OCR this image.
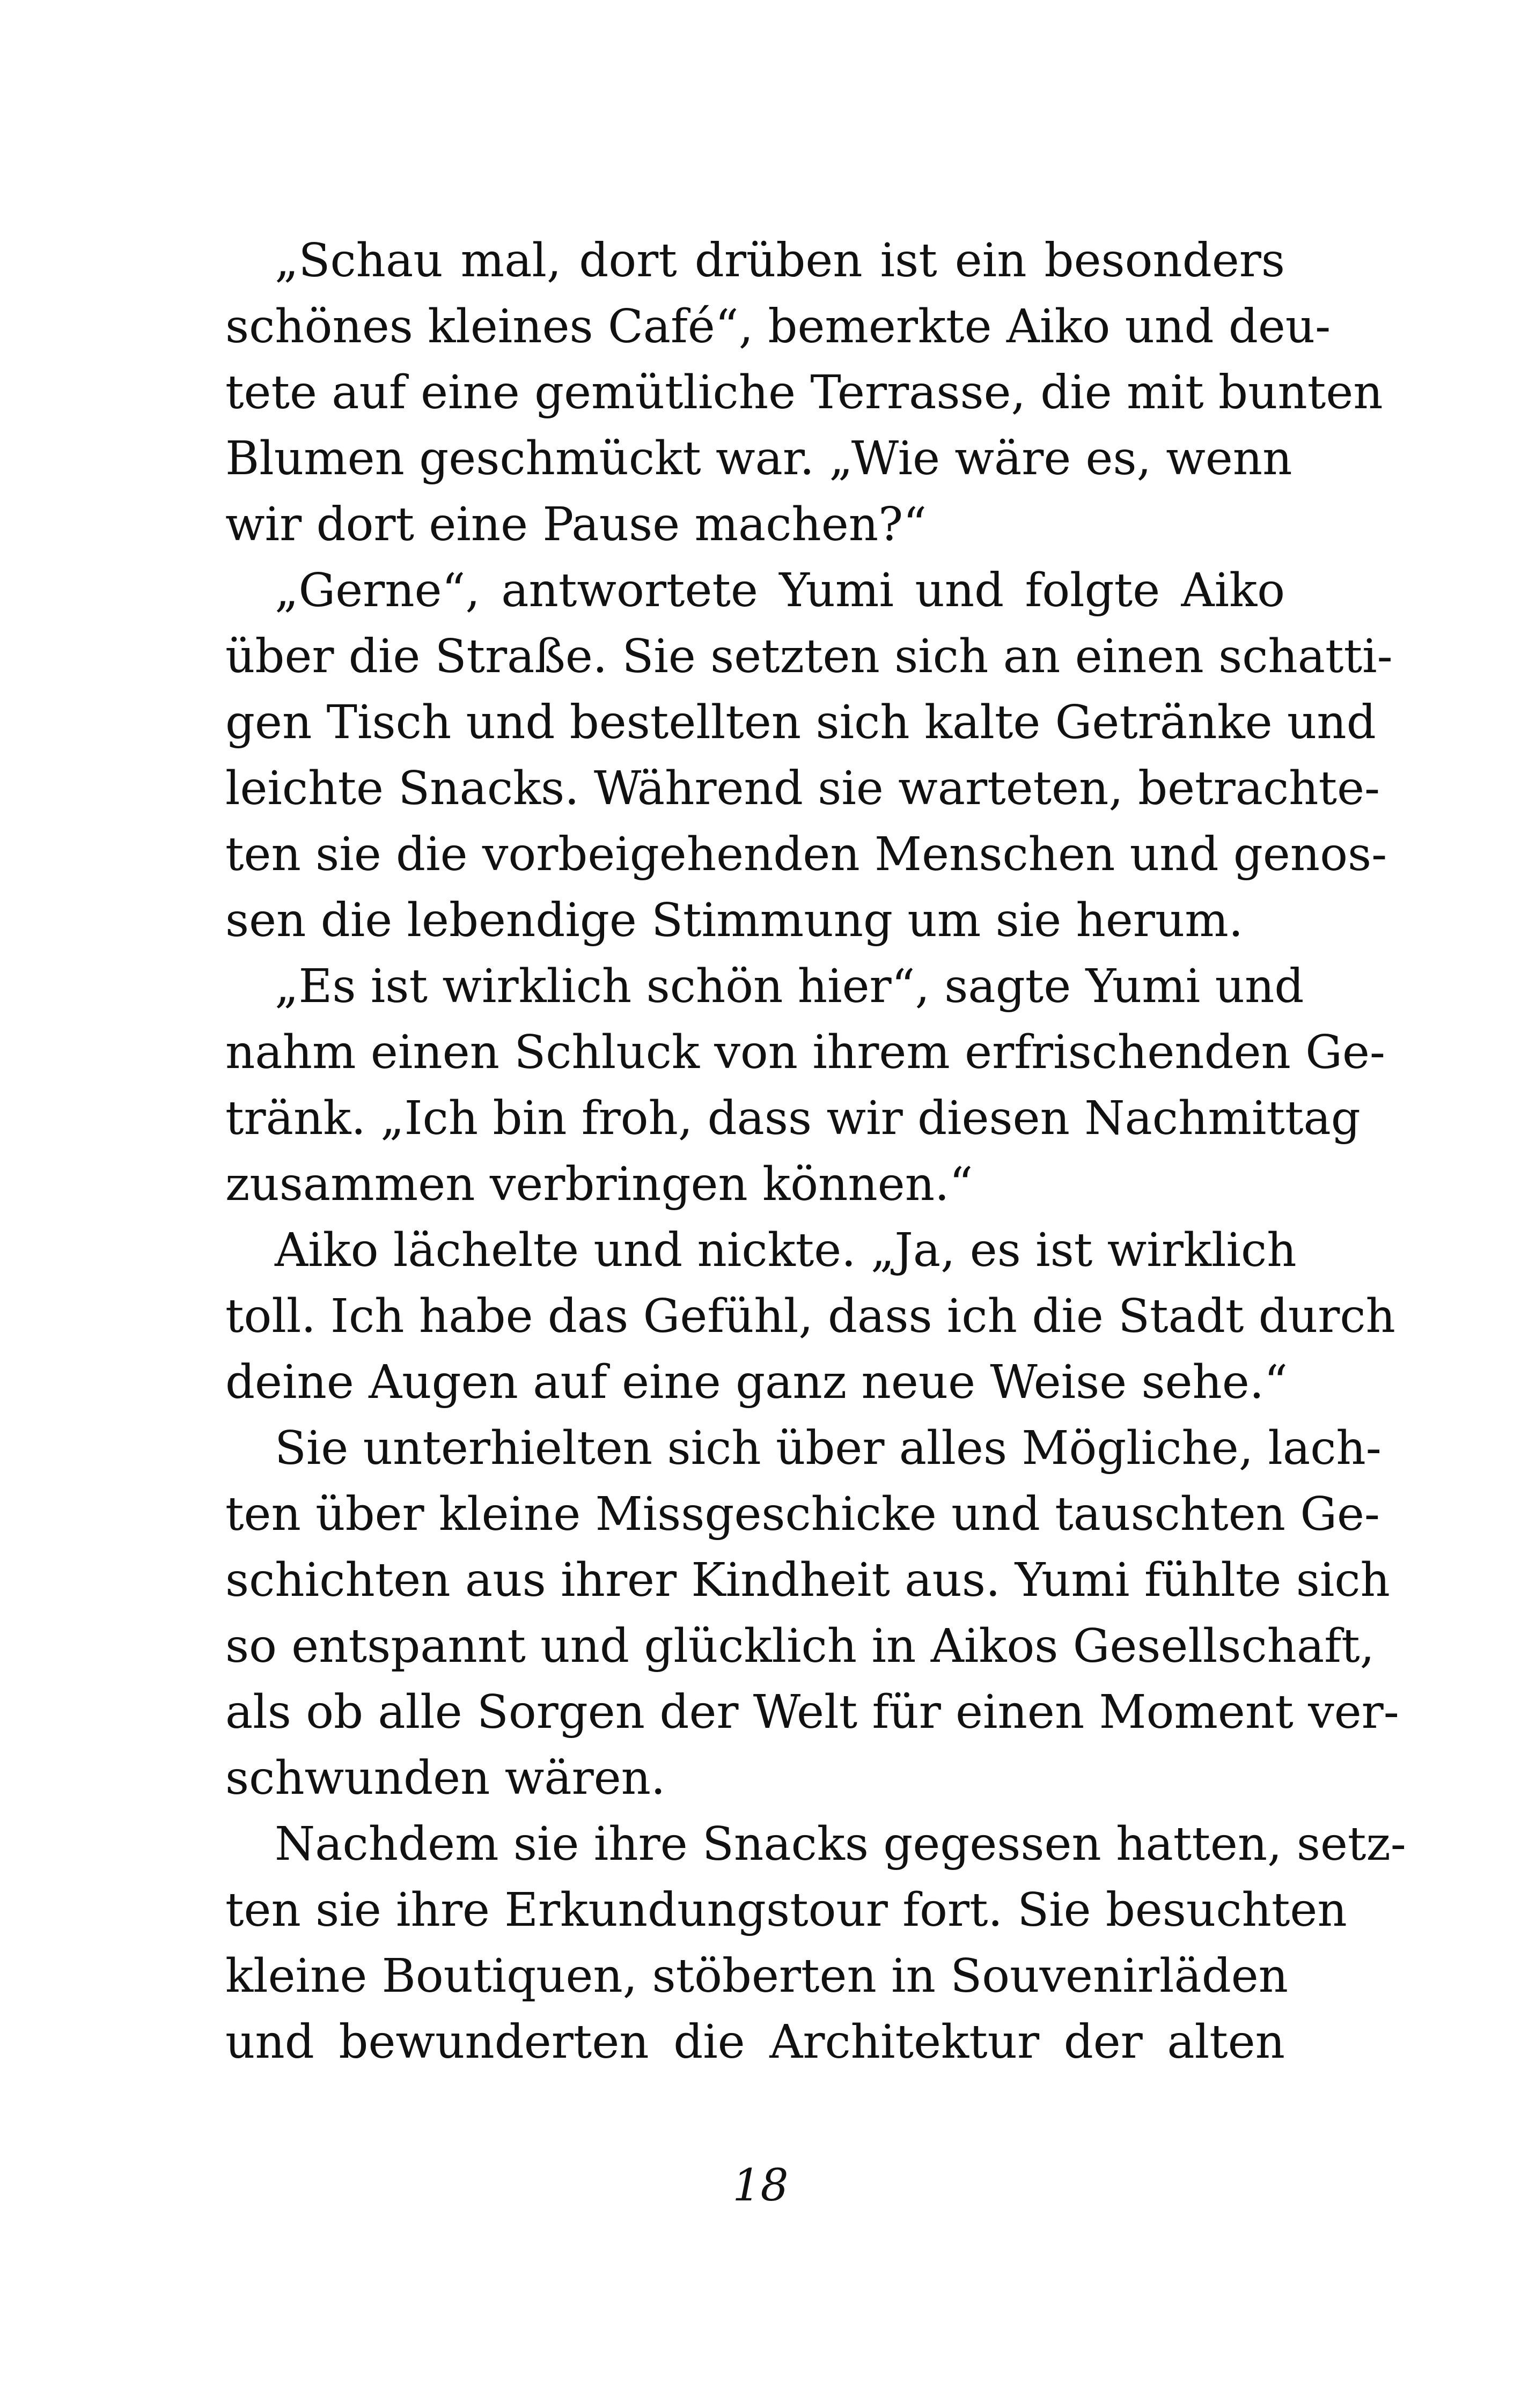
„Schau mal, dort drüben ist ein besonders
schönes kleines Café“, bemerkte Aiko und deu-
tete auf eine gemütliche Terrasse, die mit bunten
Blumen geschmückt war. „Wie wäre es, wenn
wir dort eine Pause machen?“
„Gerne“, antwortete Yumi und folgte Aiko
über die Straße. Sie setzten sich an einen schatti-
gen Tisch und bestellten sich kalte Getränke und
leichte Snacks. Während sie warteten, betrachte-
ten sie die vorbeigehenden Menschen und genos-
sen die lebendige Stimmung um sie herum.
„Es ist wirklich schön hier“, sagte Yumi und
nahm einen Schluck von ihrem erfrischenden Ge-
tränk. „Ich bin froh, dass wir diesen Nachmittag
zusammen verbringen können.“
Aiko lächelte und nickte. „Ja, es ist wirklich
toll. Ich habe das Gefühl, dass ich die Stadt durch
deine Augen auf eine ganz neue Weise sehe.“
Sie unterhielten sich über alles Mögliche, lach-
ten über kleine Missgeschicke und tauschten Ge-
schichten aus ihrer Kindheit aus. Yumi fühlte sich
so entspannt und glücklich in Aikos Gesellschaft,
als ob alle Sorgen der Welt für einen Moment ver-
schwunden wären.
Nachdem sie ihre Snacks gegessen hatten, setz-
ten sie ihre Erkundungstour fort. Sie besuchten
kleine Boutiquen, stöberten in Souvenirläden
und bewunderten die Architektur der alten
18
